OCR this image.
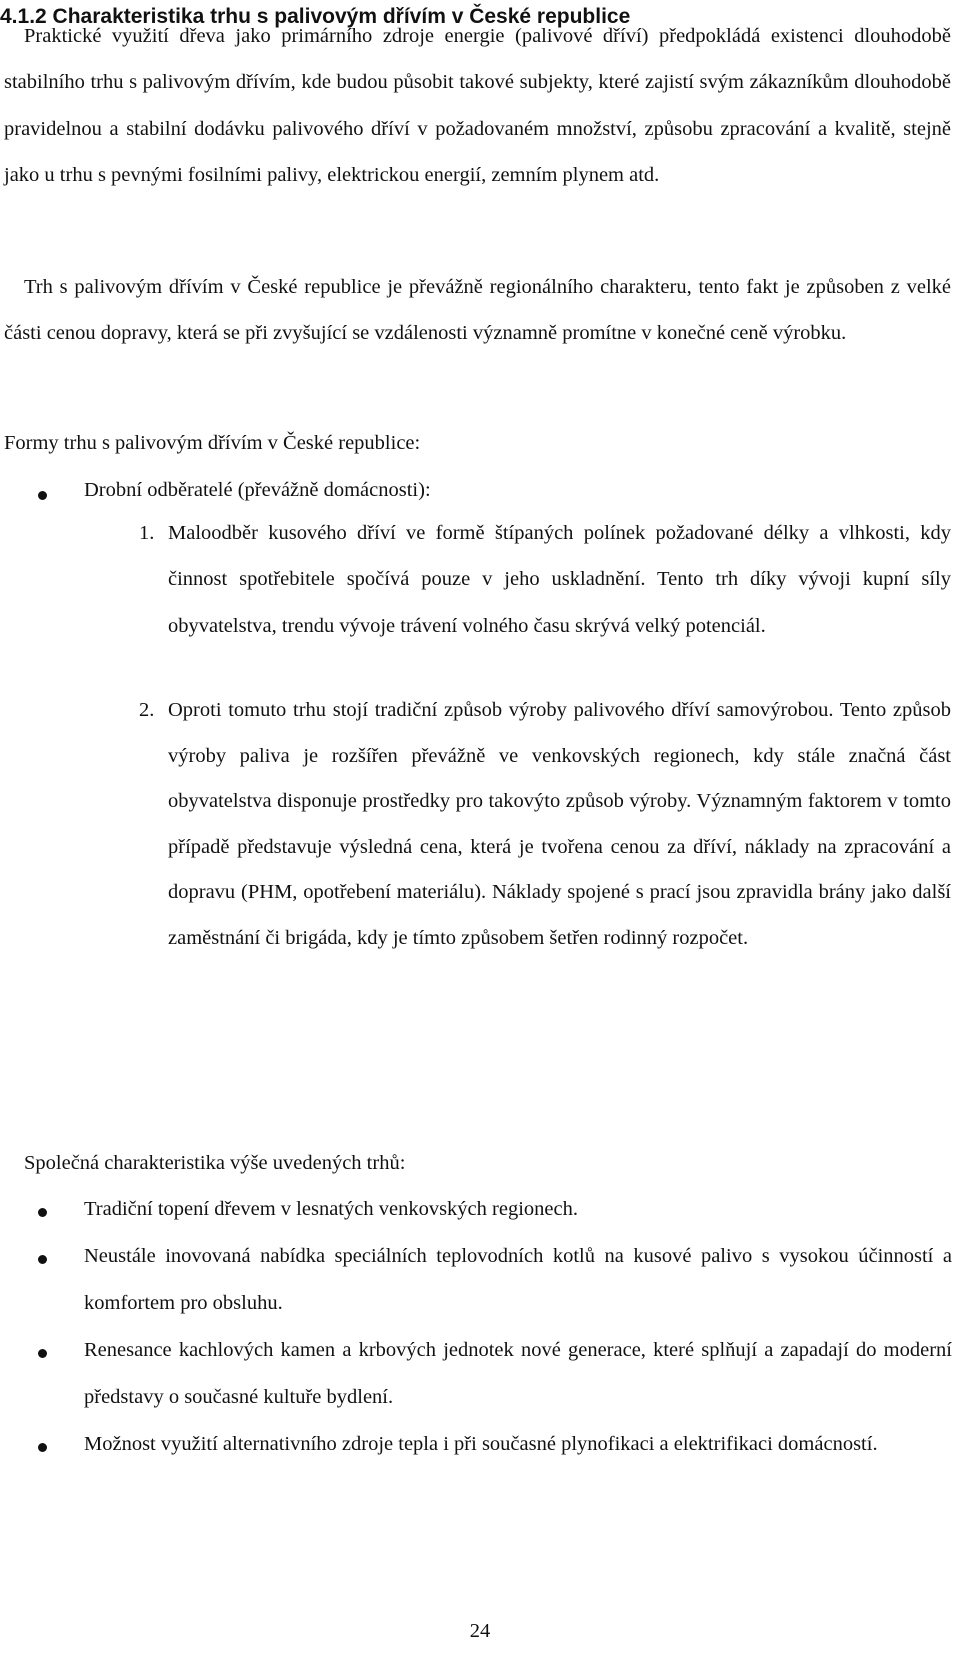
4.1.2 Charakteristika trhu s palivovým dřívím v České republice

Praktické využití dřeva jako primárního zdroje energie (palivové dříví) předpokládá existenci dlouhodobě stabilního trhu s palivovým dřívím, kde budou působit takové subjekty, které zajistí svým zákazníkům dlouhodobě pravidelnou a stabilní dodávku palivového dříví v požadovaném množství, způsobu zpracování a kvalitě, stejně jako u trhu s pevnými fosilními palivy, elektrickou energií, zemním plynem atd.

Trh s palivovým dřívím v České republice je převážně regionálního charakteru, tento fakt je způsoben z velké části cenou dopravy, která se při zvyšující se vzdálenosti významně promítne v konečné ceně výrobku.

Formy trhu s palivovým dřívím v České republice:
Drobní odběratelé (převážně domácnosti):
1. Maloodběr kusového dříví ve formě štípaných polínek požadované délky a vlhkosti, kdy činnost spotřebitele spočívá pouze v jeho uskladnění. Tento trh díky vývoji kupní síly obyvatelstva, trendu vývoje trávení volného času skrývá velký potenciál.

2. Oproti tomuto trhu stojí tradiční způsob výroby palivového dříví samovýrobou. Tento způsob výroby paliva je rozšířen převážně ve venkovských regionech, kdy stále značná část obyvatelstva disponuje prostředky pro takovýto způsob výroby. Významným faktorem v tomto případě představuje výsledná cena, která je tvořena cenou za dříví, náklady na zpracování a dopravu (PHM, opotřebení materiálu). Náklady spojené s prací jsou zpravidla brány jako další zaměstnání či brigáda, kdy je tímto způsobem šetřen rodinný rozpočet.

Společná charakteristika výše uvedených trhů:
Tradiční topení dřevem v lesnatých venkovských regionech.
Neustále inovovaná nabídka speciálních teplovodních kotlů na kusové palivo s vysokou účinností a komfortem pro obsluhu.
Renesance kachlových kamen a krbových jednotek nové generace, které splňují a zapadají do moderní představy o současné kultuře bydlení.
Možnost využití alternativního zdroje tepla i při současné plynofikaci a elektrifikaci domácností.
24
